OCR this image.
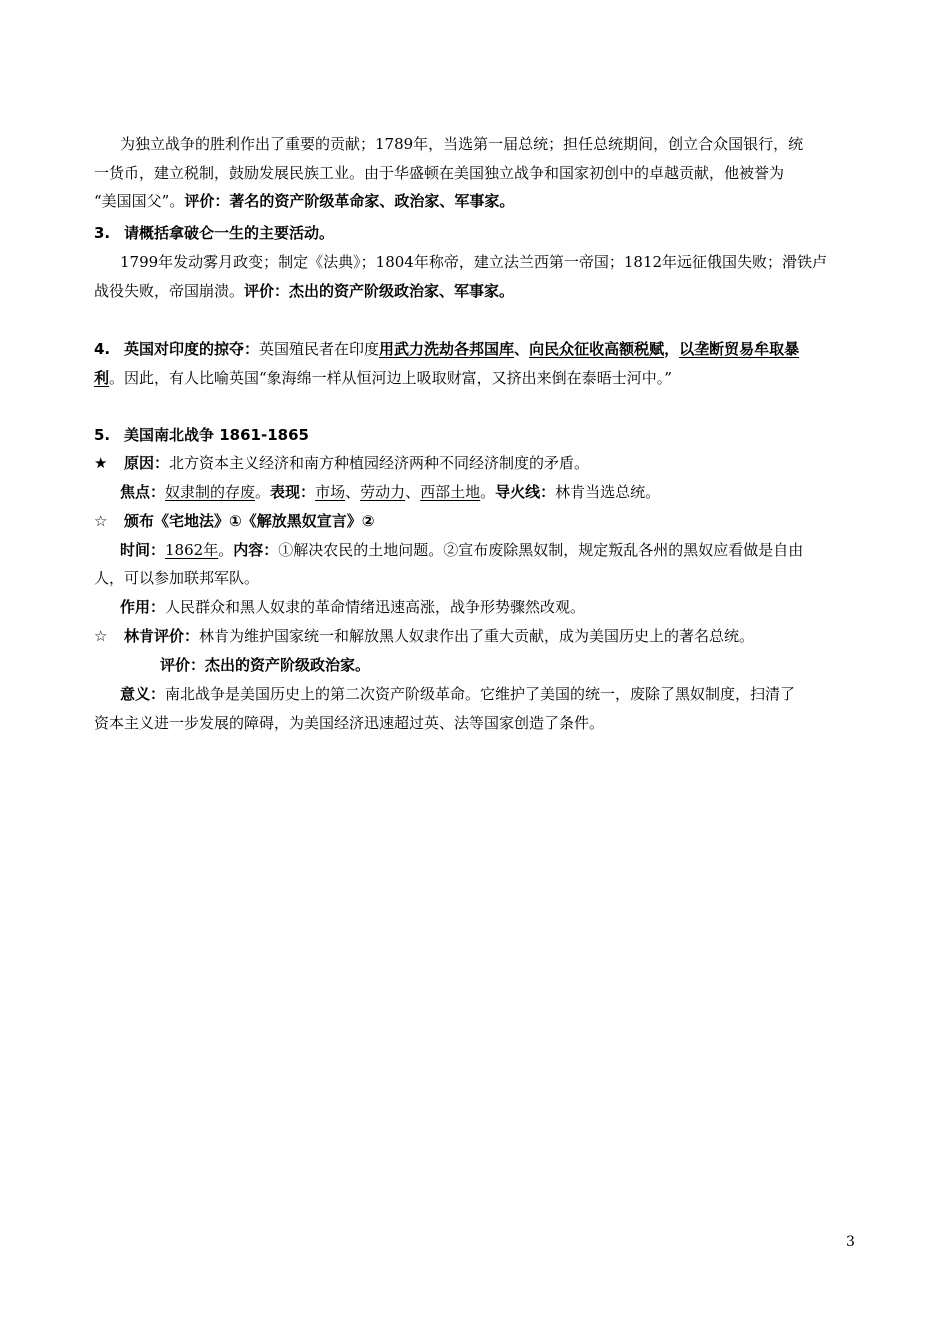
为独立战争的胜利作出了重要的贡献；1789年，当选第一届总统；担任总统期间，创立合众国银行，统
一货币，建立税制，鼓励发展民族工业。由于华盛顿在美国独立战争和国家初创中的卓越贡献，他被誉为
“美国国父”。评价：著名的资产阶级革命家、政治家、军事家。
3. 请概括拿破仑一生的主要活动。
1799年发动雾月政变；制定《法典》；1804年称帝，建立法兰西第一帝国；1812年远征俄国失败；滑铁卢
战役失败，帝国崩溃。评价：杰出的资产阶级政治家、军事家。
4. 英国对印度的掠夺：英国殖民者在印度用武力洗劫各邦国库、向民众征收高额税赋，以垄断贸易牟取暴
利。因此，有人比喻英国“象海绵一样从恒河边上吸取财富，又挤出来倒在泰晤士河中。”
5. 美国南北战争 1861-1865
★ 原因：北方资本主义经济和南方种植园经济两种不同经济制度的矛盾。
焦点：奴隶制的存废。表现：市场、劳动力、西部土地。导火线：林肯当选总统。
☆ 颁布《宅地法》①《解放黑奴宣言》②
时间：1862年。内容：①解决农民的土地问题。②宣布废除黑奴制，规定叛乱各州的黑奴应看做是自由
人，可以参加联邦军队。
作用：人民群众和黑人奴隶的革命情绪迅速高涨，战争形势骤然改观。
☆ 林肯评价：林肯为维护国家统一和解放黑人奴隶作出了重大贡献，成为美国历史上的著名总统。
评价：杰出的资产阶级政治家。
意义：南北战争是美国历史上的第二次资产阶级革命。它维护了美国的统一，废除了黑奴制度，扫清了
资本主义进一步发展的障碍，为美国经济迅速超过英、法等国家创造了条件。
3
